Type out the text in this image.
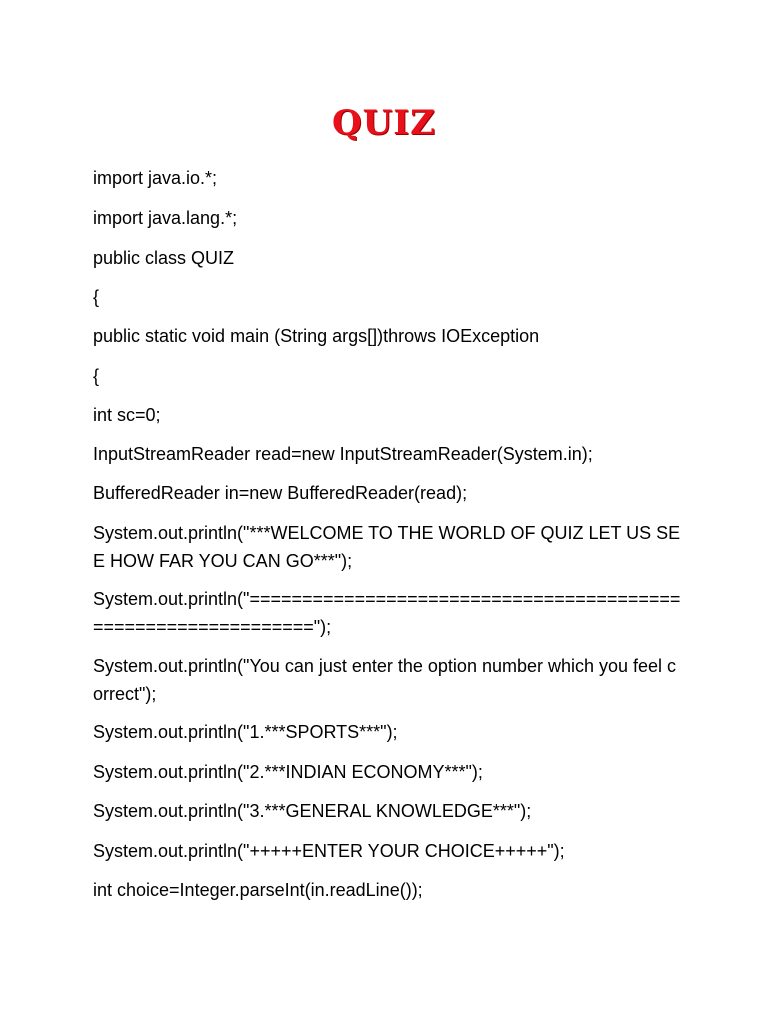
QUIZ
import java.io.*;
import java.lang.*;
public class QUIZ
{
public static void main (String args[])throws IOException
{
int sc=0;
InputStreamReader read=new InputStreamReader(System.in);
BufferedReader in=new BufferedReader(read);
System.out.println("***WELCOME TO THE WORLD OF QUIZ LET US SEE HOW FAR YOU CAN GO***");
System.out.println("==============================================================");
System.out.println("You can just enter the option number which you feel correct");
System.out.println("1.***SPORTS***");
System.out.println("2.***INDIAN ECONOMY***");
System.out.println("3.***GENERAL KNOWLEDGE***");
System.out.println("+++++ENTER YOUR CHOICE+++++");
int choice=Integer.parseInt(in.readLine());
